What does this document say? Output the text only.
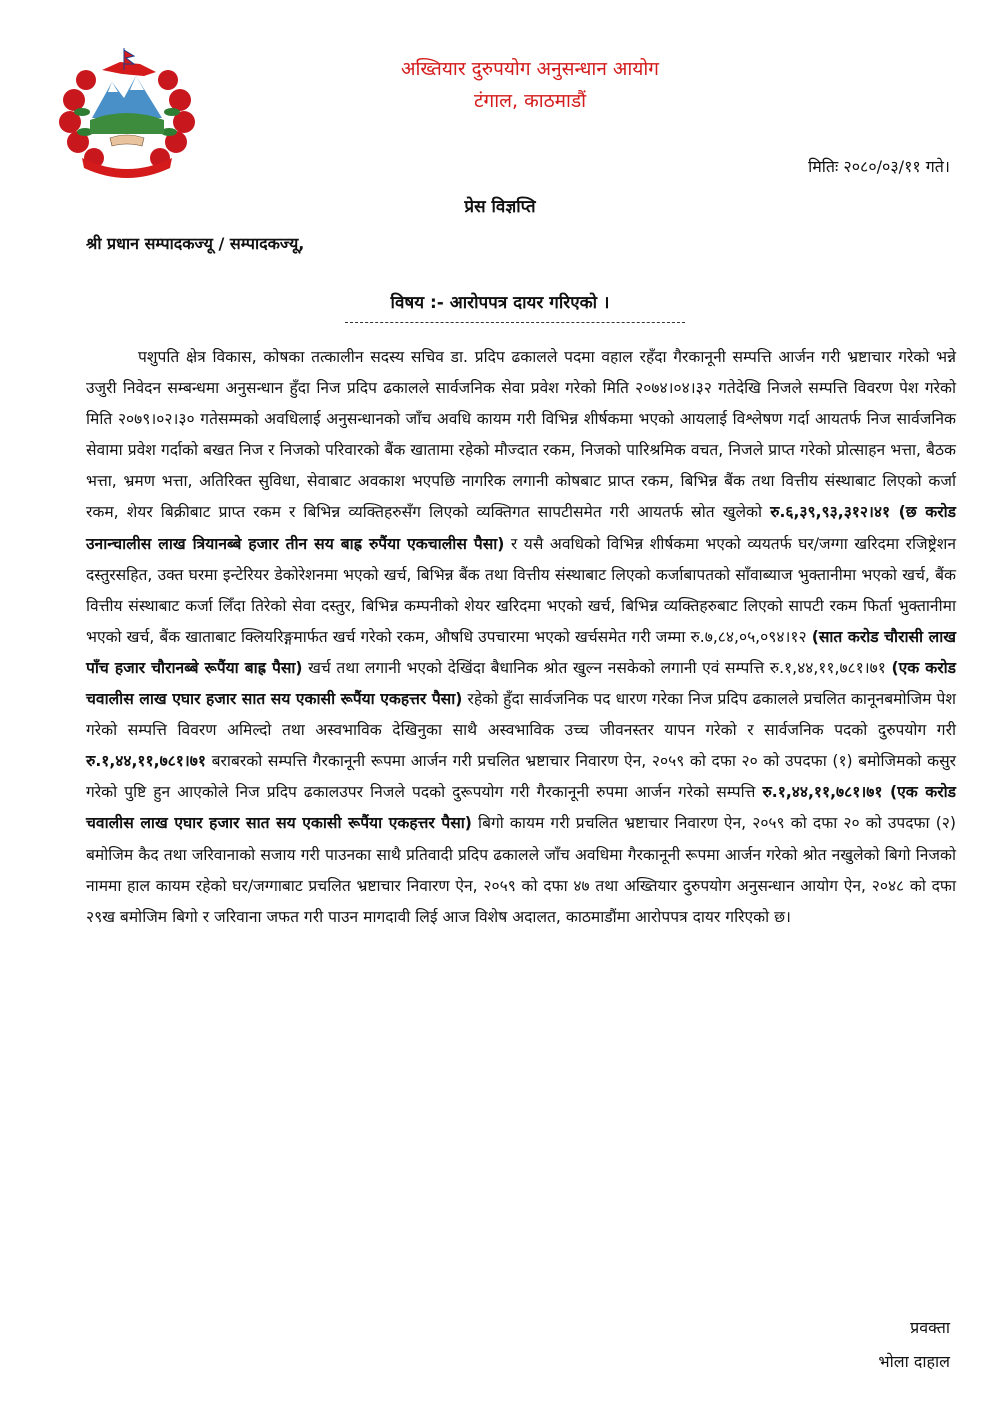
अख्तियार दुरुपयोग अनुसन्धान आयोग
टंगाल, काठमाडौं
मितिः २०८०/०३/११ गते।
प्रेस विज्ञप्ति
श्री प्रधान सम्पादकज्यू / सम्पादकज्यू,
विषय :- आरोपपत्र दायर गरिएको ।

पशुपति क्षेत्र विकास, कोषका तत्कालीन सदस्य सचिव डा. प्रदिप ढकालले पदमा वहाल रहँदा गैरकानूनी सम्पत्ति आर्जन गरी भ्रष्टाचार गरेको भन्ने उजुरी निवेदन सम्बन्धमा अनुसन्धान हुँदा निज प्रदिप ढकालले सार्वजनिक सेवा प्रवेश गरेको मिति २०७४।०४।३२ गतेदेखि निजले सम्पत्ति विवरण पेश गरेको मिति २०७९।०२।३० गतेसम्मको अवधिलाई अनुसन्धानको जाँच अवधि कायम गरी विभिन्न शीर्षकमा भएको आयलाई विश्लेषण गर्दा आयतर्फ निज सार्वजनिक सेवामा प्रवेश गर्दाको बखत निज र निजको परिवारको बैंक खातामा रहेको मौज्दात रकम, निजको पारिश्रमिक वचत, निजले प्राप्त गरेको प्रोत्साहन भत्ता, बैठक भत्ता, भ्रमण भत्ता, अतिरिक्त सुविधा, सेवाबाट अवकाश भएपछि नागरिक लगानी कोषबाट प्राप्त रकम, बिभिन्न बैंक तथा वित्तीय संस्थाबाट लिएको कर्जा रकम, शेयर बिक्रीबाट प्राप्त रकम र बिभिन्न व्यक्तिहरुसँग लिएको व्यक्तिगत सापटीसमेत गरी आयतर्फ स्रोत खुलेको रु.६,३९,९३,३१२।४१ (छ करोड उनान्चालीस लाख त्रियानब्बे हजार तीन सय बाह्र रुपैंया एकचालीस पैसा) र यसै अवधिको विभिन्न शीर्षकमा भएको व्ययतर्फ घर/जग्गा खरिदमा रजिष्ट्रेशन दस्तुरसहित, उक्त घरमा इन्टेरियर डेकोरेशनमा भएको खर्च, बिभिन्न बैंक तथा वित्तीय संस्थाबाट लिएको कर्जाबापतको साँवाब्याज भुक्तानीमा भएको खर्च, बैंक वित्तीय संस्थाबाट कर्जा लिँदा तिरेको सेवा दस्तुर, बिभिन्न कम्पनीको शेयर खरिदमा भएको खर्च, बिभिन्न व्यक्तिहरुबाट लिएको सापटी रकम फिर्ता भुक्तानीमा भएको खर्च, बैंक खाताबाट क्लियरिङ्गमार्फत खर्च गरेको रकम, औषधि उपचारमा भएको खर्चसमेत गरी जम्मा रु.७,८४,०५,०९४।१२ (सात करोड चौरासी लाख पाँच हजार चौरानब्बे रूपैंया बाह्र पैसा) खर्च तथा लगानी भएको देखिंदा बैधानिक श्रोत खुल्न नसकेको लगानी एवं सम्पत्ति रु.१,४४,११,७८१।७१ (एक करोड चवालीस लाख एघार हजार सात सय एकासी रूपैंया एकहत्तर पैसा) रहेको हुँदा सार्वजनिक पद धारण गरेका निज प्रदिप ढकालले प्रचलित कानूनबमोजिम पेश गरेको सम्पत्ति विवरण अमिल्दो तथा अस्वभाविक देखिनुका साथै अस्वभाविक उच्च जीवनस्तर यापन गरेको र सार्वजनिक पदको दुरुपयोग गरी रु.१,४४,११,७८१।७१ बराबरको सम्पत्ति गैरकानूनी रूपमा आर्जन गरी प्रचलित भ्रष्टाचार निवारण ऐन, २०५९ को दफा २० को उपदफा (१) बमोजिमको कसुर गरेको पुष्टि हुन आएकोले निज प्रदिप ढकालउपर निजले पदको दुरूपयोग गरी गैरकानूनी रुपमा आर्जन गरेको सम्पत्ति रु.१,४४,११,७८१।७१ (एक करोड चवालीस लाख एघार हजार सात सय एकासी रूपैंया एकहत्तर पैसा) बिगो कायम गरी प्रचलित भ्रष्टाचार निवारण ऐन, २०५९ को दफा २० को उपदफा (२) बमोजिम कैद तथा जरिवानाको सजाय गरी पाउनका साथै प्रतिवादी प्रदिप ढकालले जाँच अवधिमा गैरकानूनी रूपमा आर्जन गरेको श्रोत नखुलेको बिगो निजको नाममा हाल कायम रहेको घर/जग्गाबाट प्रचलित भ्रष्टाचार निवारण ऐन, २०५९ को दफा ४७ तथा अख्तियार दुरुपयोग अनुसन्धान आयोग ऐन, २०४८ को दफा २९ख बमोजिम बिगो र जरिवाना जफत गरी पाउन मागदावी लिई आज विशेष अदालत, काठमाडौंमा आरोपपत्र दायर गरिएको छ।

प्रवक्ता
भोला दाहाल
